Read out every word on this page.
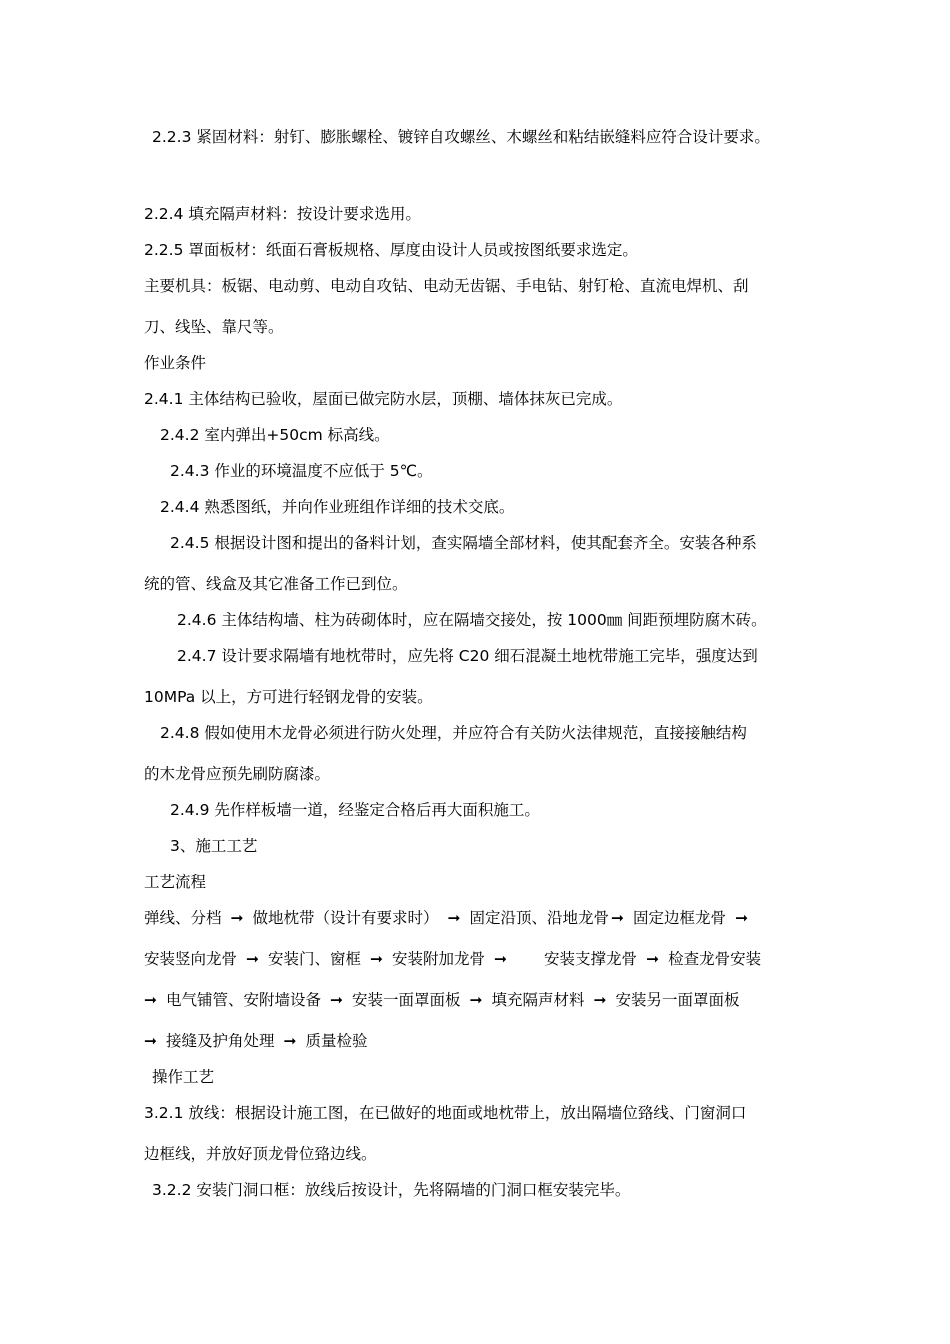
2.2.3 紧固材料：射钉、膨胀螺栓、镀锌自攻螺丝、木螺丝和粘结嵌缝料应符合设计要求。
2.2.4 填充隔声材料：按设计要求选用。
2.2.5 罩面板材：纸面石膏板规格、厚度由设计人员或按图纸要求选定。
主要机具：板锯、电动剪、电动自攻钻、电动无齿锯、手电钻、射钉枪、直流电焊机、刮
刀、线坠、靠尺等。
作业条件
2.4.1 主体结构已验收，屋面已做完防水层，顶棚、墙体抹灰已完成。
2.4.2 室内弹出+50cm 标高线。
2.4.3 作业的环境温度不应低于 5℃。
2.4.4 熟悉图纸，并向作业班组作详细的技术交底。
2.4.5 根据设计图和提出的备料计划，查实隔墙全部材料，使其配套齐全。安装各种系
统的管、线盒及其它准备工作已到位。
2.4.6 主体结构墙、柱为砖砌体时，应在隔墙交接处，按 1000㎜ 间距预埋防腐木砖。
2.4.7 设计要求隔墙有地枕带时，应先将 C20 细石混凝土地枕带施工完毕，强度达到
10MPa 以上，方可进行轻钢龙骨的安装。
2.4.8 假如使用木龙骨必须进行防火处理，并应符合有关防火法律规范，直接接触结构
的木龙骨应预先刷防腐漆。
2.4.9 先作样板墙一道，经鉴定合格后再大面积施工。
3、施工工艺
工艺流程
弹线、分档 ➞ 做地枕带（设计有要求时） ➞ 固定沿顶、沿地龙骨 ➞ 固定边框龙骨 ➞
安装竖向龙骨 ➞ 安装门、窗框 ➞ 安装附加龙骨 ➞ 安装支撑龙骨 ➞ 检查龙骨安装
➞ 电气铺管、安附墙设备 ➞ 安装一面罩面板 ➞ 填充隔声材料 ➞ 安装另一面罩面板
➞ 接缝及护角处理 ➞ 质量检验
操作工艺
3.2.1 放线：根据设计施工图，在已做好的地面或地枕带上，放出隔墙位臵线、门窗洞口
边框线，并放好顶龙骨位臵边线。
3.2.2 安装门洞口框：放线后按设计，先将隔墙的门洞口框安装完毕。
